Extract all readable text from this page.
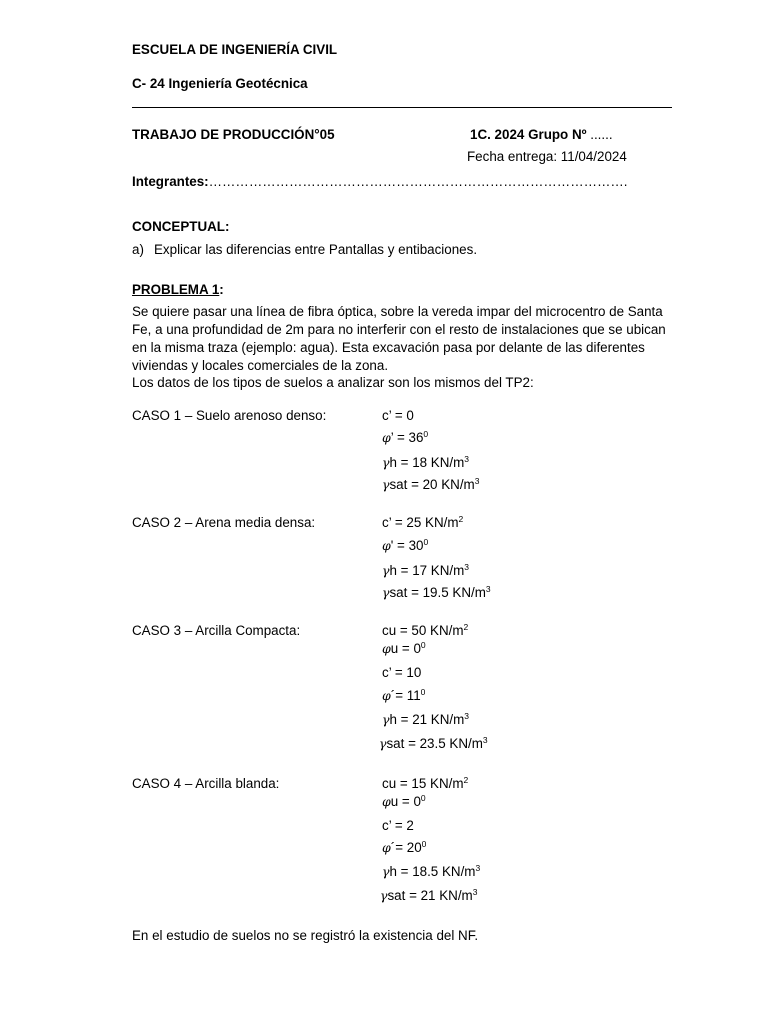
ESCUELA DE INGENIERÍA CIVIL
C- 24 Ingeniería Geotécnica
TRABAJO DE PRODUCCIÓN°05	1C. 2024 Grupo Nº ......
Fecha entrega: 11/04/2024
Integrantes:………………………………………………………………………………….
CONCEPTUAL:
a) Explicar las diferencias entre Pantallas y entibaciones.
PROBLEMA 1:
Se quiere pasar una línea de fibra óptica, sobre la vereda impar del microcentro de Santa Fe, a una profundidad de 2m para no interferir con el resto de instalaciones que se ubican en la misma traza (ejemplo: agua). Esta excavación pasa por delante de las diferentes viviendas y locales comerciales de la zona.
Los datos de los tipos de suelos a analizar son los mismos del TP2:
CASO 1 – Suelo arenoso denso:	c’ = 0
φ’ = $36^0$
γh = 18 $KN/m^3$
γsat = 20 $KN/m^3$
CASO 2 – Arena media densa:	c’ = 25 $KN/m^2$
$\varphi' = 30^0$
γh = 17 $KN/m^3$
γsat = 19.5 $KN/m^3$
CASO 3 – Arcilla Compacta:	cu = 50 $KN/m^2$
$\varphi u = 0^0$
c’ = 10
φ´= $11^0$
γh = 21 $KN/m^3$
γsat = 23.5 $KN/m^3$
CASO 4 – Arcilla blanda:	cu = 15 $KN/m^2$
$\varphi u = 0^0$
c’ = 2
φ´= $20^0$
γh = 18.5 $KN/m^3$
γsat = 21 $KN/m^3$
En el estudio de suelos no se registró la existencia del NF.
